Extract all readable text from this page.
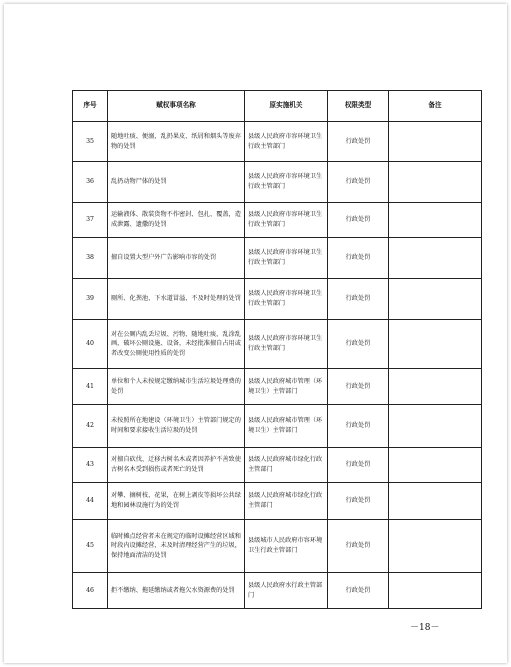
序号	赋权事项名称	原实施机关	权限类型	备注
35	随地吐痰、便溺，乱扔果皮、纸屑和烟头等废弃物的处罚	县级人民政府市容环境卫生行政主管部门	行政处罚	
36	乱扔动物尸体的处罚	县级人民政府市容环境卫生行政主管部门	行政处罚	
37	运输液体、散装货物不作密封、包扎、覆盖，造成泄露、遗撒的处罚	县级人民政府市容环境卫生行政主管部门	行政处罚	
38	擅自设置大型户外广告影响市容的处罚	县级人民政府市容环境卫生行政主管部门	行政处罚	
39	厕所、化粪池、下水道冒溢，不及时处理的处罚	县级人民政府市容环境卫生行政主管部门	行政处罚	
40	对在公厕内乱丢垃圾、污物、随地吐痰，乱涂乱画，破坏公厕设施、设备，未经批准擅自占用或者改变公厕使用性质的处罚	县级人民政府市容环境卫生行政主管部门	行政处罚	
41	单位和个人未按规定缴纳城市生活垃圾处理费的处罚	县级人民政府城市管理（环境卫生）主管部门	行政处罚	
42	未按照所在地建设（环境卫生）主管部门规定的时间和要求接收生活垃圾的处罚	县级人民政府城市管理（环境卫生）主管部门	行政处罚	
43	对擅自砍伐、迁移古树名木或者因养护不善致使古树名木受到损伤或者死亡的处罚	县级人民政府城市绿化行政主管部门	行政处罚	
44	对攀、摘树枝、花果，在树上剥皮等损坏公共绿地和园林设施行为的处罚	县级人民政府城市绿化行政主管部门	行政处罚	
45	临时摊点经营者未在规定的临时设摊经营区域和时段内设摊经营，未及时清理经营产生的垃圾，保持地面清洁的处罚	县级城市人民政府市容环境卫生行政主管部门	行政处罚	
46	拒不缴纳、拖延缴纳或者拖欠水资源费的处罚	县级人民政府水行政主管部门	行政处罚	
－18－
